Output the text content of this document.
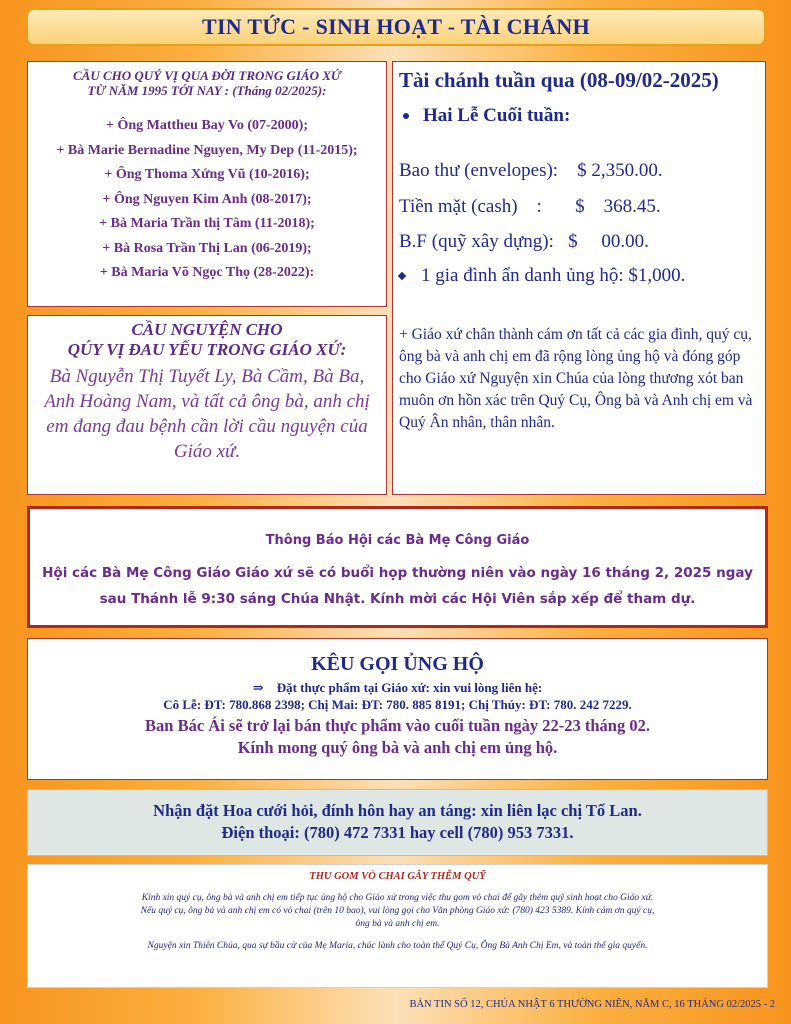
TIN TỨC - SINH HOẠT - TÀI CHÁNH
CẦU CHO QUÝ VỊ QUA ĐỜI TRONG GIÁO XỨ
TỪ NĂM 1995 TỚI NAY : (Tháng 02/2025):
+ Ông Mattheu Bay Vo (07-2000);
+ Bà Marie Bernadine Nguyen, My Dep (11-2015);
+ Ông Thoma Xứng Vũ (10-2016);
+ Ông Nguyen Kim Anh (08-2017);
+ Bà Maria Trần thị Tâm (11-2018);
+ Bà Rosa Trần Thị Lan (06-2019);
+ Bà Maria Võ Ngọc Thọ (28-2022):
CẦU NGUYỆN CHO
QÚY VỊ ĐAU YẾU TRONG GIÁO XỨ:
Bà Nguyễn Thị Tuyết Ly, Bà Cầm, Bà Ba, Anh Hoàng Nam, và tất cả ông bà, anh chị em đang đau bệnh cần lời cầu nguyện của Giáo xứ.
Tài chánh tuần qua (08-09/02-2025)
Hai Lễ Cuối tuần:
Bao thư (envelopes): $ 2,350.00.
Tiền mặt (cash)    : $    368.45.
B.F (quỹ xây dựng): $     00.00.
1 gia đình ẩn danh ủng hộ: $1,000.
+ Giáo xứ chân thành cám ơn tất cả các gia đình, quý cụ, ông bà và anh chị em đã rộng lòng ủng hộ và đóng góp cho Giáo xứ Nguyện xin Chúa của lòng thương xót ban muôn ơn hồn xác trên Quý Cụ, Ông bà và Anh chị em và Quý Ân nhân, thân nhân.

Thông Báo Hội các Bà Mẹ Công Giáo

Hội các Bà Mẹ Công Giáo Giáo xứ sẽ có buổi họp thường niên vào ngày 16 tháng 2, 2025 ngay

sau Thánh lễ 9:30 sáng Chúa Nhật. Kính mời các Hội Viên sắp xếp để tham dự.

KÊU GỌI ỦNG HỘ
⇒ Đặt thực phẩm tại Giáo xứ: xin vui lòng liên hệ:
Cô Lễ: ĐT: 780.868 2398; Chị Mai: ĐT: 780. 885 8191; Chị Thúy: ĐT: 780. 242 7229.
Ban Bác Ái sẽ trở lại bán thực phẩm vào cuối tuần ngày 22-23 tháng 02.
Kính mong quý ông bà và anh chị em ủng hộ.

Nhận đặt Hoa cưới hỏi, đính hôn hay an táng: xin liên lạc chị Tố Lan.

Điện thoại: (780) 472 7331 hay cell (780) 953 7331.

THU GOM VỎ CHAI GÂY THÊM QUỸ
Kính xin quý cụ, ông bà và anh chị em tiếp tục ủng hộ cho Giáo xứ trong việc thu gom vỏ chai để gây thêm quỹ sinh hoạt cho Giáo xứ.
Nếu quý cụ, ông bà và anh chị em có vỏ chai (trên 10 bao), vui lòng gọi cho Văn phòng Giáo xứ: (780) 423 5389. Kính cám ơn quý cụ,
ông bà và anh chị em.
Nguyện xin Thiên Chúa, qua sự bầu cử của Mẹ Maria, chúc lành cho toàn thể Quý Cụ, Ông Bà Anh Chị Em, và toàn thể gia quyến.
BẢN TIN SỐ 12, CHÚA NHẬT 6 THƯỜNG NIÊN, NĂM C, 16 THÁNG 02/2025 - 2
